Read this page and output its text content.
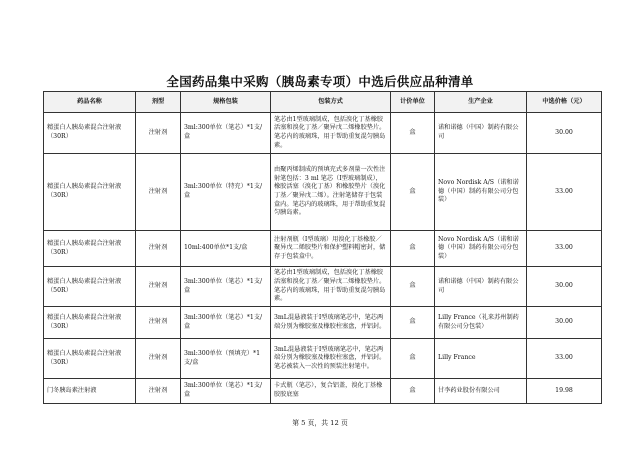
全国药品集中采购（胰岛素专项）中选后供应品种清单
药品名称	剂型	规格包装	包装方式	计价单位	生产企业	中选价格（元）
精蛋白人胰岛素混合注射液（30R）	注射剂	3ml:300单位（笔芯）*1支/盒	笔芯由1型玻璃制成，包括溴化丁基橡胶活塞和溴化丁基／聚异戊二烯橡胶垫片。笔芯内的玻璃珠，用于帮助重复混匀胰岛素。	盒	诺和诺德（中国）制药有限公司	30.00
精蛋白人胰岛素混合注射液（30R）	注射剂	3ml:300单位（特充）*1支/盒	由聚丙烯制成的预填充式多剂量一次性注射笔包括：3 ml 笔芯（I型玻璃制成），橡胶活塞（溴化丁基）和橡胶垫片（溴化丁基／聚异戊二烯）。注射笔储存于包装盒内。笔芯内的玻璃珠，用于帮助重复混匀胰岛素。	盒	Novo Nordisk A/S（诺和诺德（中国）制药有限公司分包装）	33.00
精蛋白人胰岛素混合注射液（30R）	注射剂	10ml:400单位*1支/盒	注射剂瓶（I型玻璃）用溴化丁基橡胶／聚异戊二烯胶垫片和保护塑料帽密封，储存于包装盒中。	盒	Novo Nordisk A/S（诺和诺德（中国）制药有限公司分包装）	33.00
精蛋白人胰岛素混合注射液（50R）	注射剂	3ml:300单位（笔芯）*1支/盒	笔芯由1型玻璃制成，包括溴化丁基橡胶活塞和溴化丁基／聚异戊二烯橡胶垫片。笔芯内的玻璃珠，用于帮助重复混匀胰岛素。	盒	诺和诺德（中国）制药有限公司	30.00
精蛋白人胰岛素混合注射液（30R）	注射剂	3ml:300单位（笔芯）*1支/盒	3mL混悬液装于Ⅰ型玻璃笔芯中，笔芯两端分别为橡胶塞及橡胶柱塞盘，并铝封。	盒	Lilly France（礼来苏州制药有限公司分包装）	30.00
精蛋白人胰岛素混合注射液（30R）	注射剂	3ml:300单位（预填充）*1支/盒	3mL混悬液装于Ⅰ型玻璃笔芯中，笔芯两端分别为橡胶塞及橡胶柱塞盘，并铝封。笔芯被装入一次性的预装注射笔中。	盒	Lilly France	33.00
门冬胰岛素注射液	注射剂	3ml:300单位（笔芯）*1支/盒	卡式瓶（笔芯），复合铝盖，溴化丁基橡胶胶底塞	盒	甘李药业股份有限公司	19.98
第 5 页，共 12 页
